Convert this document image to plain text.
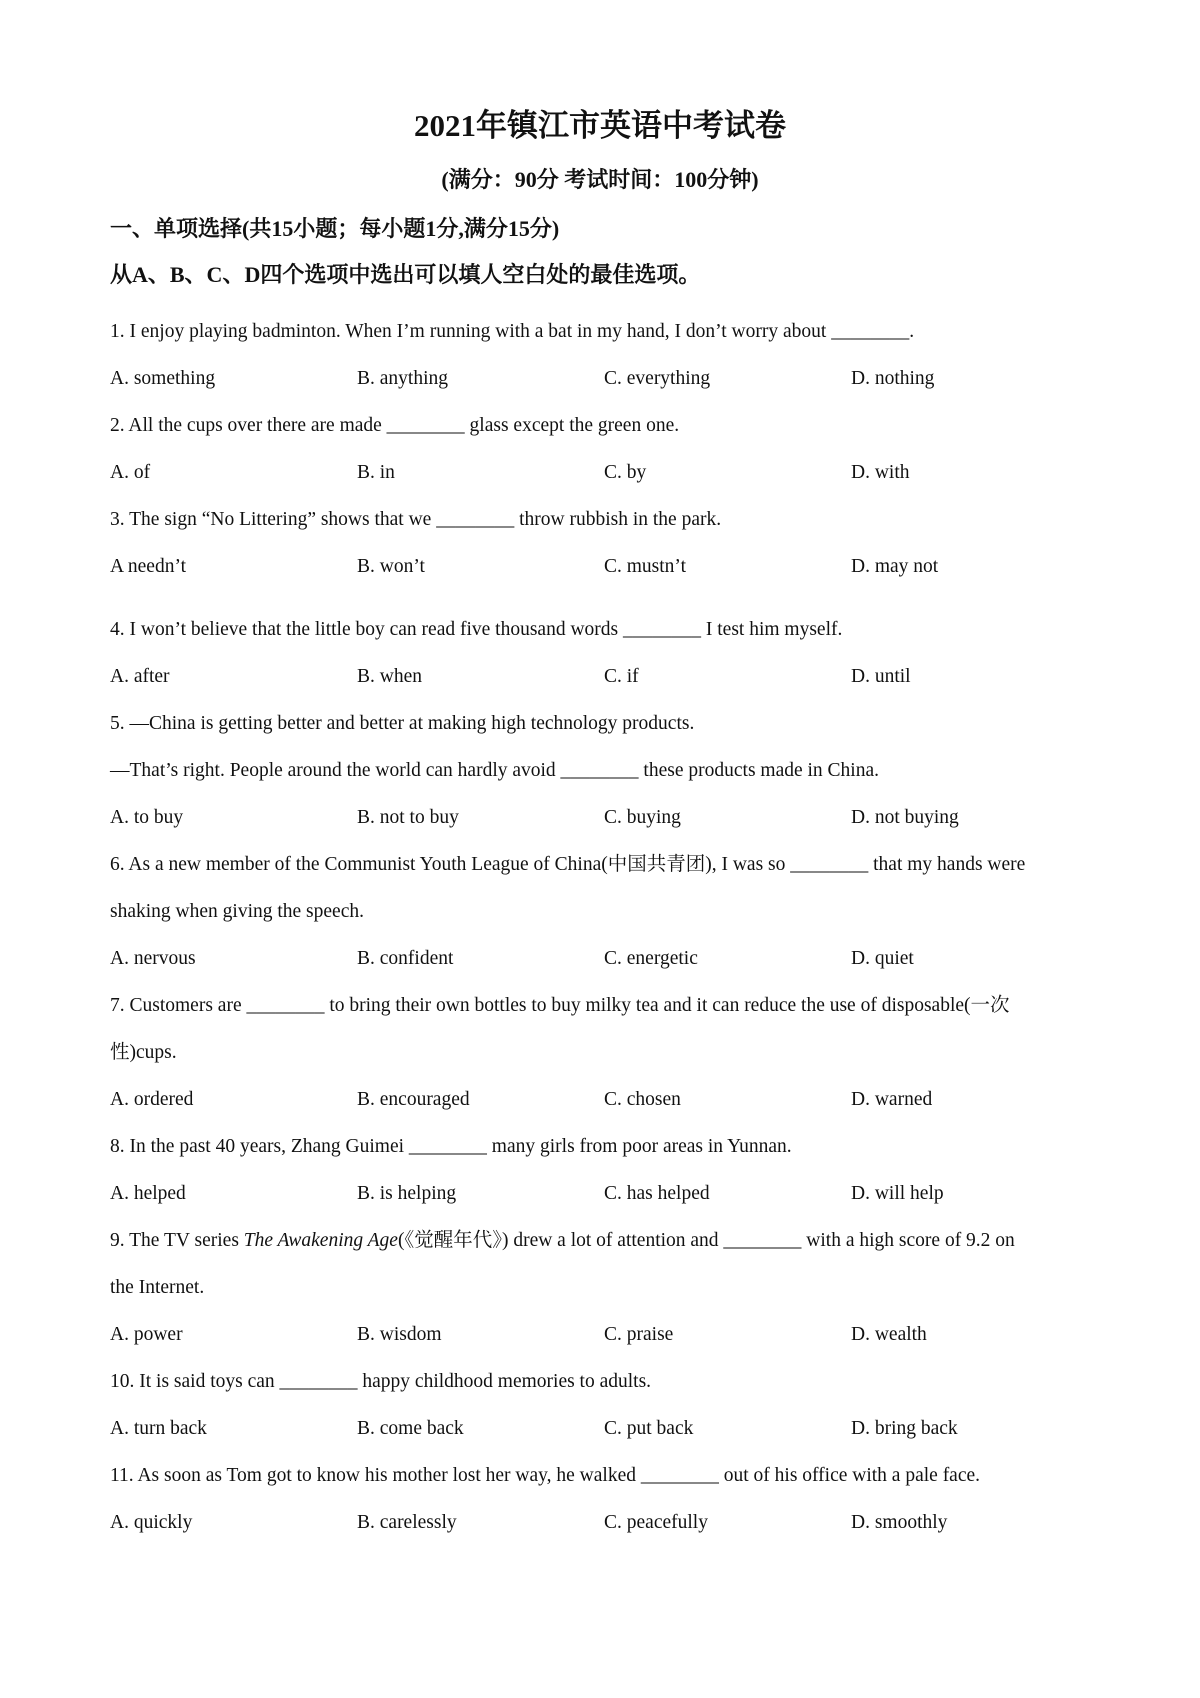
2021年镇江市英语中考试卷
(满分：90分 考试时间：100分钟)
一、单项选择(共15小题；每小题1分,满分15分)
从A、B、C、D四个选项中选出可以填人空白处的最佳选项。
1. I enjoy playing badminton. When I’m running with a bat in my hand, I don’t worry about ________.
A. something	B. anything	C. everything	D. nothing
2. All the cups over there are made ________ glass except the green one.
A. of	B. in	C. by	D. with
3. The sign “No Littering” shows that we ________ throw rubbish in the park.
A needn’t	B. won’t	C. mustn’t	D. may not
4. I won’t believe that the little boy can read five thousand words ________ I test him myself.
A. after	B. when	C. if	D. until
5. —China is getting better and better at making high technology products.
—That’s right. People around the world can hardly avoid ________ these products made in China.
A. to buy	B. not to buy	C. buying	D. not buying
6. As a new member of the Communist Youth League of China(中国共青团), I was so ________ that my hands were
shaking when giving the speech.
A. nervous	B. confident	C. energetic	D. quiet
7. Customers are ________ to bring their own bottles to buy milky tea and it can reduce the use of disposable(一次
性)cups.
A. ordered	B. encouraged	C. chosen	D. warned
8. In the past 40 years, Zhang Guimei ________ many girls from poor areas in Yunnan.
A. helped	B. is helping	C. has helped	D. will help
9. The TV series The Awakening Age(《觉醒年代》) drew a lot of attention and ________ with a high score of 9.2 on
the Internet.
A. power	B. wisdom	C. praise	D. wealth
10. It is said toys can ________ happy childhood memories to adults.
A. turn back	B. come back	C. put back	D. bring back
11. As soon as Tom got to know his mother lost her way, he walked ________ out of his office with a pale face.
A. quickly	B. carelessly	C. peacefully	D. smoothly
